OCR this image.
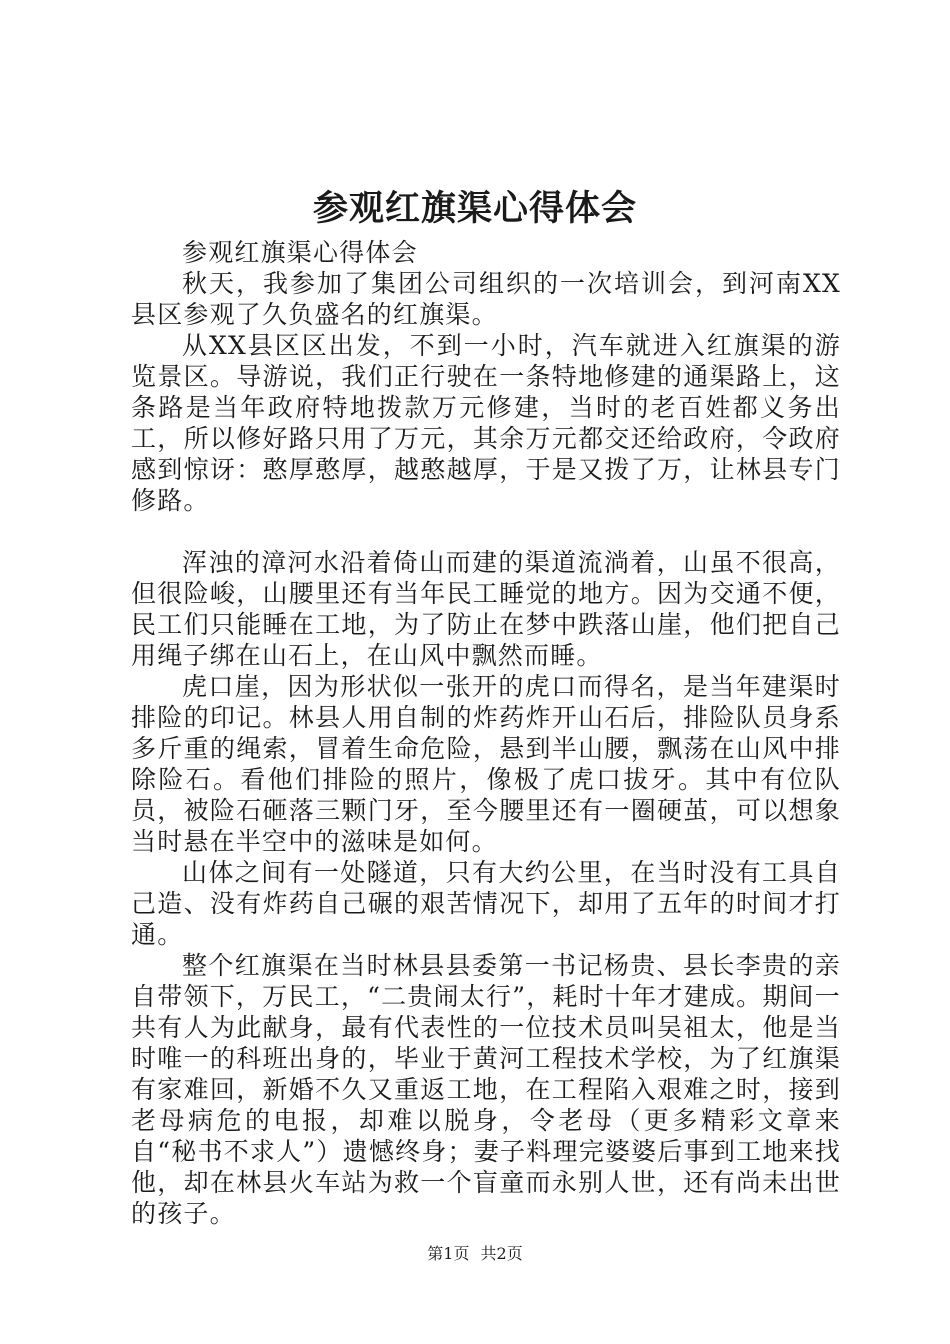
参观红旗渠心得体会

参观红旗渠心得体会

秋天，我参加了集团公司组织的一次培训会，到河南XX县区参观了久负盛名的红旗渠。

从XX县区区出发，不到一小时，汽车就进入红旗渠的游览景区。导游说，我们正行驶在一条特地修建的通渠路上，这条路是当年政府特地拨款万元修建，当时的老百姓都义务出工，所以修好路只用了万元，其余万元都交还给政府，令政府感到惊讶：憨厚憨厚，越憨越厚，于是又拨了万，让林县专门修路。

浑浊的漳河水沿着倚山而建的渠道流淌着，山虽不很高，但很险峻，山腰里还有当年民工睡觉的地方。因为交通不便，民工们只能睡在工地，为了防止在梦中跌落山崖，他们把自己用绳子绑在山石上，在山风中飘然而睡。

虎口崖，因为形状似一张开的虎口而得名，是当年建渠时排险的印记。林县人用自制的炸药炸开山石后，排险队员身系多斤重的绳索，冒着生命危险，悬到半山腰，飘荡在山风中排除险石。看他们排险的照片，像极了虎口拔牙。其中有位队员，被险石砸落三颗门牙，至今腰里还有一圈硬茧，可以想象当时悬在半空中的滋味是如何。

山体之间有一处隧道，只有大约公里，在当时没有工具自己造、没有炸药自己碾的艰苦情况下，却用了五年的时间才打通。

整个红旗渠在当时林县县委第一书记杨贵、县长李贵的亲自带领下，万民工，“二贵闹太行”，耗时十年才建成。期间一共有人为此献身，最有代表性的一位技术员叫吴祖太，他是当时唯一的科班出身的，毕业于黄河工程技术学校，为了红旗渠有家难回，新婚不久又重返工地，在工程陷入艰难之时，接到老母病危的电报，却难以脱身，令老母（更多精彩文章来自“秘书不求人”）遗憾终身；妻子料理完婆婆后事到工地来找他，却在林县火车站为救一个盲童而永别人世，还有尚未出世的孩子。

第1页 共2页
